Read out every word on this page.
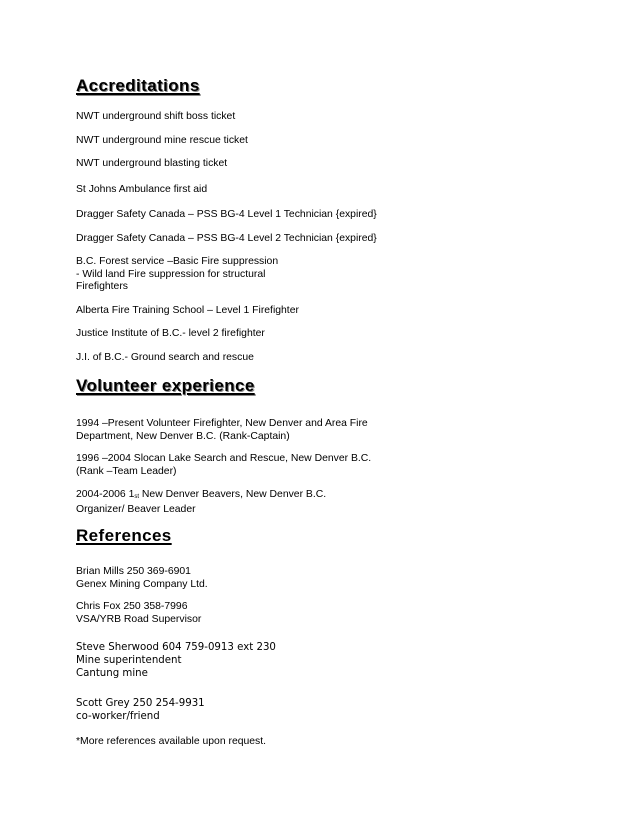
Accreditations
NWT underground shift boss ticket
NWT underground mine rescue ticket
NWT underground blasting ticket
St Johns Ambulance first aid
Dragger Safety Canada – PSS BG-4 Level 1 Technician {expired}
Dragger Safety Canada – PSS BG-4 Level 2 Technician {expired}
B.C. Forest service –Basic Fire suppression
- Wild land Fire suppression for structural
Firefighters
Alberta Fire Training School – Level 1 Firefighter
Justice Institute of B.C.- level 2 firefighter
J.I. of B.C.- Ground search and rescue
Volunteer experience
1994 –Present Volunteer Firefighter, New Denver and Area Fire
Department, New Denver B.C. (Rank-Captain)
1996 –2004 Slocan Lake Search and Rescue, New Denver B.C.
(Rank –Team Leader)
2004-2006 1st New Denver Beavers, New Denver B.C.
Organizer/ Beaver Leader
References
Brian Mills 250 369-6901
Genex Mining Company Ltd.
Chris Fox 250 358-7996
VSA/YRB Road Supervisor
Steve Sherwood 604 759-0913 ext 230
Mine superintendent
Cantung mine
Scott Grey 250 254-9931
co-worker/friend
*More references available upon request.
